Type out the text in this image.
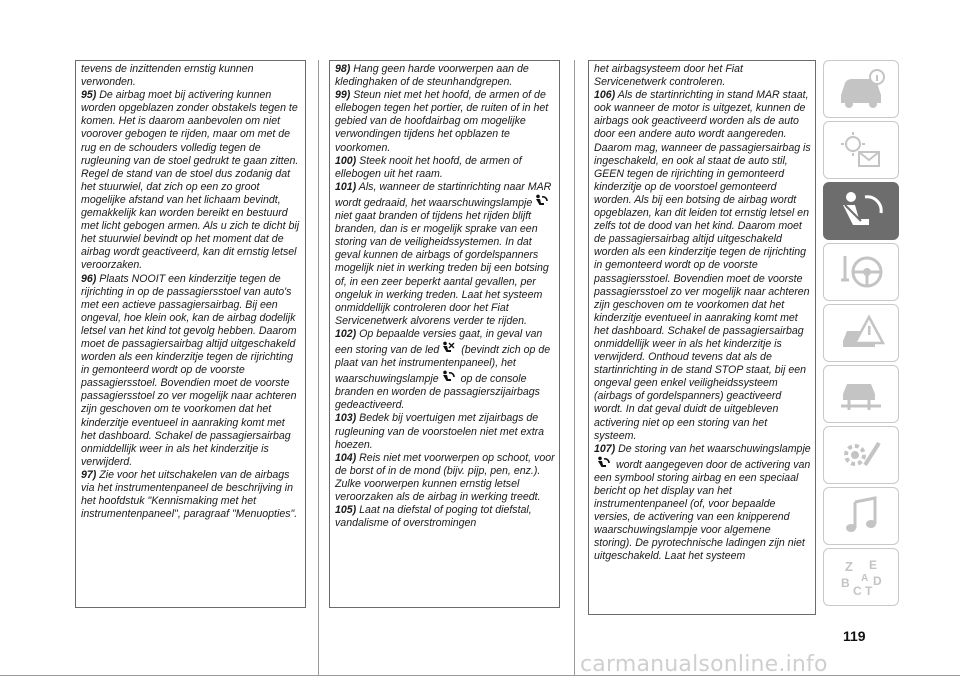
tevens de inzittenden ernstig kunnen verwonden.

95) De airbag moet bij activering kunnen worden opgeblazen zonder obstakels tegen te komen. Het is daarom aanbevolen om niet voorover gebogen te rijden, maar om met de rug en de schouders volledig tegen de rugleuning van de stoel gedrukt te gaan zitten. Regel de stand van de stoel dus zodanig dat het stuurwiel, dat zich op een zo groot mogelijke afstand van het lichaam bevindt, gemakkelijk kan worden bereikt en bestuurd met licht gebogen armen. Als u zich te dicht bij het stuurwiel bevindt op het moment dat de airbag wordt geactiveerd, kan dit ernstig letsel veroorzaken.

96) Plaats NOOIT een kinderzitje tegen de rijrichting in op de passagiersstoel van auto's met een actieve passagiersairbag. Bij een ongeval, hoe klein ook, kan de airbag dodelijk letsel van het kind tot gevolg hebben. Daarom moet de passagiersairbag altijd uitgeschakeld worden als een kinderzitje tegen de rijrichting in gemonteerd wordt op de voorste passagiersstoel. Bovendien moet de voorste passagiersstoel zo ver mogelijk naar achteren zijn geschoven om te voorkomen dat het kinderzitje eventueel in aanraking komt met het dashboard. Schakel de passagiersairbag onmiddellijk weer in als het kinderzitje is verwijderd.

97) Zie voor het uitschakelen van de airbags via het instrumentenpaneel de beschrijving in het hoofdstuk "Kennismaking met het instrumentenpaneel", paragraaf "Menuopties".

98) Hang geen harde voorwerpen aan de kledinghaken of de steunhandgrepen.

99) Steun niet met het hoofd, de armen of de ellebogen tegen het portier, de ruiten of in het gebied van de hoofdairbag om mogelijke verwondingen tijdens het opblazen te voorkomen.

100) Steek nooit het hoofd, de armen of ellebogen uit het raam.

101) Als, wanneer de startinrichting naar MAR wordt gedraaid, het waarschuwingslampje
niet gaat branden of tijdens het rijden blijft branden, dan is er mogelijk sprake van een storing van de veiligheidssystemen. In dat geval kunnen de airbags of gordelspanners mogelijk niet in werking treden bij een botsing of, in een zeer beperkt aantal gevallen, per ongeluk in werking treden. Laat het systeem onmiddellijk controleren door het Fiat Servicenetwerk alvorens verder te rijden.

102) Op bepaalde versies gaat, in geval van een storing van de led
(bevindt zich op de plaat van het instrumentenpaneel), het waarschuwingslampje
op de console branden en worden de passagierszijairbags gedeactiveerd.

103) Bedek bij voertuigen met zijairbags de rugleuning van de voorstoelen niet met extra hoezen.

104) Reis niet met voorwerpen op schoot, voor de borst of in de mond (bijv. pijp, pen, enz.). Zulke voorwerpen kunnen ernstig letsel veroorzaken als de airbag in werking treedt.

105) Laat na diefstal of poging tot diefstal, vandalisme of overstromingen

het airbagsysteem door het Fiat Servicenetwerk controleren.

106) Als de startinrichting in stand MAR staat, ook wanneer de motor is uitgezet, kunnen de airbags ook geactiveerd worden als de auto door een andere auto wordt aangereden. Daarom mag, wanneer de passagiersairbag is ingeschakeld, en ook al staat de auto stil, GEEN tegen de rijrichting in gemonteerd kinderzitje op de voorstoel gemonteerd worden. Als bij een botsing de airbag wordt opgeblazen, kan dit leiden tot ernstig letsel en zelfs tot de dood van het kind. Daarom moet de passagiersairbag altijd uitgeschakeld worden als een kinderzitje tegen de rijrichting in gemonteerd wordt op de voorste passagiersstoel. Bovendien moet de voorste passagiersstoel zo ver mogelijk naar achteren zijn geschoven om te voorkomen dat het kinderzitje eventueel in aanraking komt met het dashboard. Schakel de passagiersairbag onmiddellijk weer in als het kinderzitje is verwijderd. Onthoud tevens dat als de startinrichting in de stand STOP staat, bij een ongeval geen enkel veiligheidssysteem (airbags of gordelspanners) geactiveerd wordt. In dat geval duidt de uitgebleven activering niet op een storing van het systeem.

107) De storing van het waarschuwingslampje
wordt aangegeven door de activering van een symbool storing airbag en een speciaal bericht op het display van het instrumentenpaneel (of, voor bepaalde versies, de activering van een knipperend waarschuwingslampje voor algemene storing). De pyrotechnische ladingen zijn niet uitgeschakeld. Laat het systeem

Z E
B
C T
D
A
119
carmanualsonline.info
